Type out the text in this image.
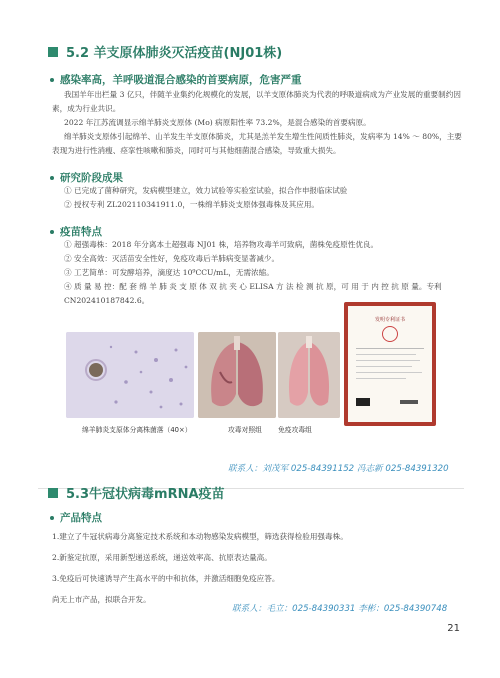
5.2 羊支原体肺炎灭活疫苗(NJ01株)
感染率高，羊呼吸道混合感染的首要病原，危害严重

我国羊年出栏量 3 亿只，伴随羊业集约化规模化的发展，以羊支原体肺炎为代表的呼吸道病成为产业发展的重要制约因素，成为行业共识。

2022 年江苏流调显示绵羊肺炎支原体 (Mo) 病原阳性率 73.2%，是混合感染的首要病原。

绵羊肺炎支原体引起绵羊、山羊发生羊支原体肺炎，尤其是羔羊发生增生性间质性肺炎，发病率为 14% ～ 80%，主要表现为进行性消瘦、痉挛性咳嗽和肺炎，同时可与其他细菌混合感染，导致重大损失。

研究阶段成果

① 已完成了菌种研究，发病模型建立，效力试验等实验室试验，拟合作申报临床试验

② 授权专利 ZL202110341911.0，一株绵羊肺炎支原体强毒株及其应用。

疫苗特点

① 超强毒株：2018 年分离本土超强毒 NJ01 株，培养物攻毒羊可致病，菌株免疫原性优良。

② 安全高效：灭活苗安全性好，免疫攻毒后羊肺病变显著减少。

③ 工艺简单：可发酵培养，滴度达 10⁹CCU/mL，无需浓缩。

④ 质 量 易 控：配 套 绵 羊 肺 炎 支 原 体 双 抗 夹 心 ELISA 方 法 检 测 抗 原，可 用 于 内 控 抗 原 量。专利 CN202410187842.6。

发明专利证书
绵羊肺炎支原体分离株菌落（40×）	攻毒对照组 免疫攻毒组
联系人：刘茂军 025-84391152 冯志新 025-84391320
5.3牛冠状病毒mRNA疫苗
产品特点

1.建立了牛冠状病毒分离鉴定技术系统和本动物感染发病模型，筛选获得检验用强毒株。

2.新鉴定抗原，采用新型递送系统，递送效率高、抗原表达量高。

3.免疫后可快速诱导产生高水平的中和抗体，并激活细胞免疫应答。

尚无上市产品，拟联合开发。

联系人：毛立：025-84390331 李彬：025-84390748
21
